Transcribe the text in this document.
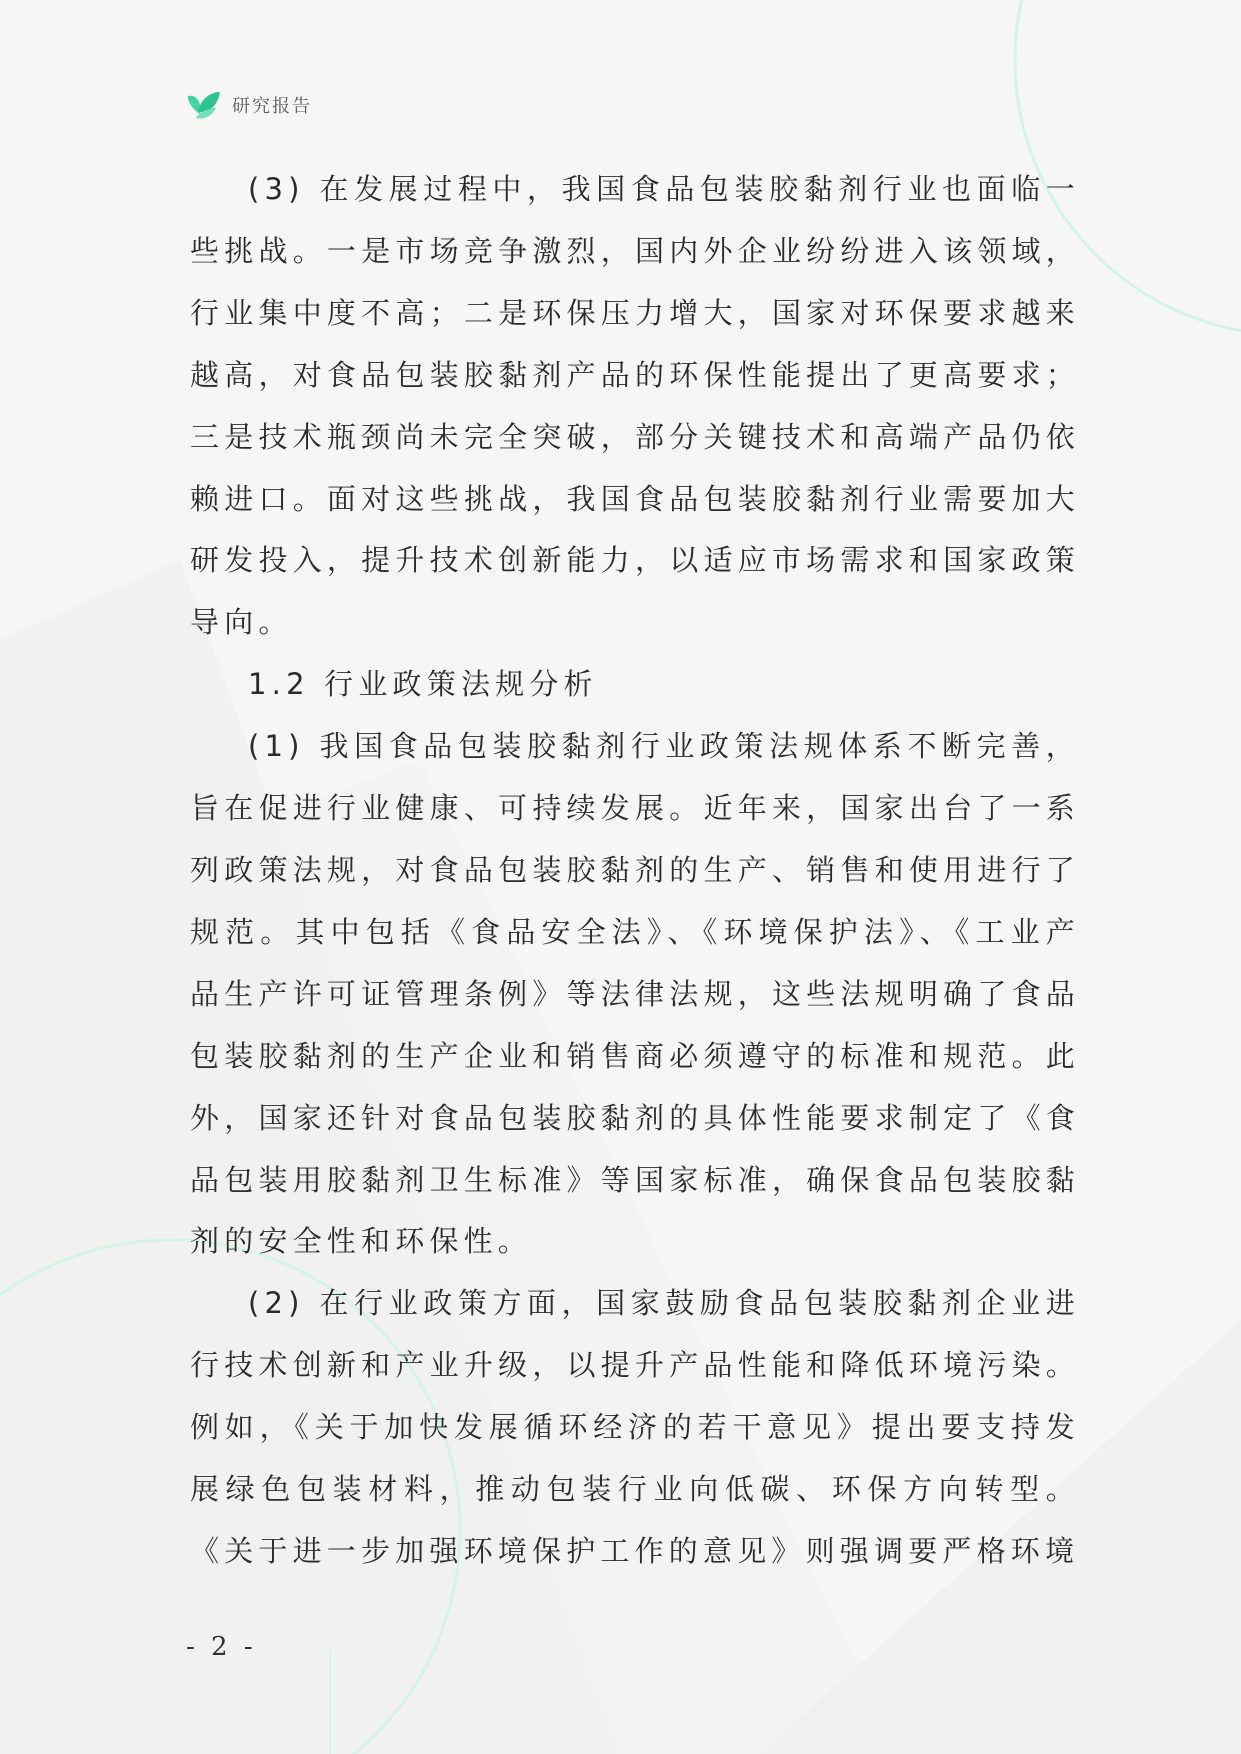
研究报告

(3) 在发展过程中，我国食品包装胶黏剂行业也面临一些挑战。一是市场竞争激烈，国内外企业纷纷进入该领域，行业集中度不高；二是环保压力增大，国家对环保要求越来越高，对食品包装胶黏剂产品的环保性能提出了更高要求；三是技术瓶颈尚未完全突破，部分关键技术和高端产品仍依赖进口。面对这些挑战，我国食品包装胶黏剂行业需要加大研发投入，提升技术创新能力，以适应市场需求和国家政策导向。

1.2 行业政策法规分析

(1) 我国食品包装胶黏剂行业政策法规体系不断完善，旨在促进行业健康、可持续发展。近年来，国家出台了一系列政策法规，对食品包装胶黏剂的生产、销售和使用进行了规范。其中包括《食品安全法》、《环境保护法》、《工业产品生产许可证管理条例》等法律法规，这些法规明确了食品包装胶黏剂的生产企业和销售商必须遵守的标准和规范。此外，国家还针对食品包装胶黏剂的具体性能要求制定了《食品包装用胶黏剂卫生标准》等国家标准，确保食品包装胶黏剂的安全性和环保性。

(2) 在行业政策方面，国家鼓励食品包装胶黏剂企业进行技术创新和产业升级，以提升产品性能和降低环境污染。例如，《关于加快发展循环经济的若干意见》提出要支持发展绿色包装材料，推动包装行业向低碳、环保方向转型。《关于进一步加强环境保护工作的意见》则强调要严格环境

- 2 -
